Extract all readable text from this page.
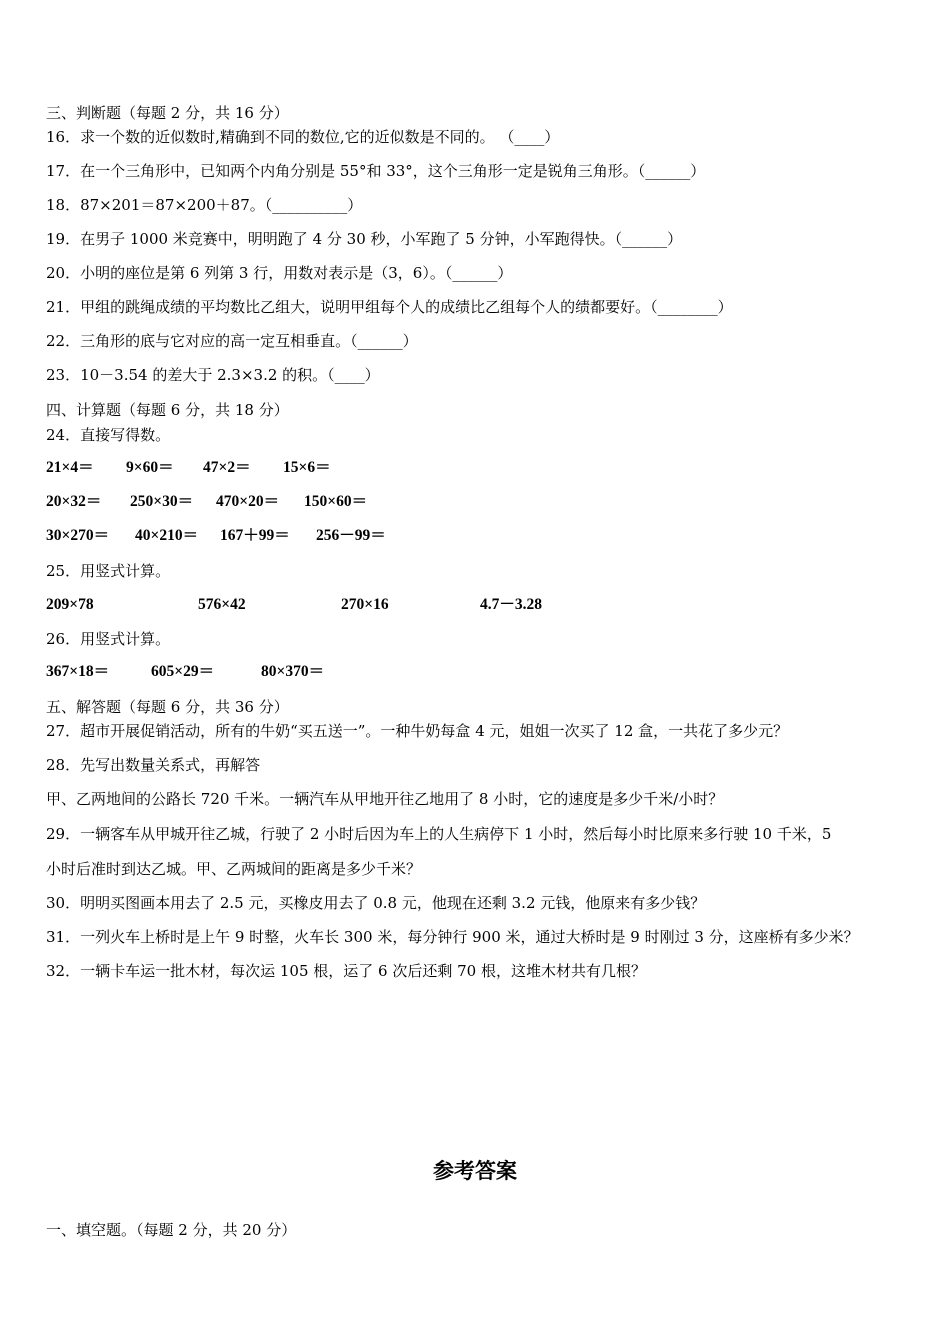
三、判断题（每题 2 分，共 16 分）
16．求一个数的近似数时,精确到不同的数位,它的近似数是不同的。 （____）
17．在一个三角形中，已知两个内角分别是 55°和 33°，这个三角形一定是锐角三角形。（______）
18．87×201＝87×200＋87。（__________）
19．在男子 1000 米竞赛中，明明跑了 4 分 30 秒，小军跑了 5 分钟，小军跑得快。（______）
20．小明的座位是第 6 列第 3 行，用数对表示是（3，6）。（______）
21．甲组的跳绳成绩的平均数比乙组大，说明甲组每个人的成绩比乙组每个人的绩都要好。（________）
22．三角形的底与它对应的高一定互相垂直。（______）
23．10－3.54 的差大于 2.3×3.2 的积。（____）
四、计算题（每题 6 分，共 18 分）
24．直接写得数。
21×4＝ 9×60＝ 47×2＝ 15×6＝
20×32＝ 250×30＝ 470×20＝ 150×60＝
30×270＝ 40×210＝ 167＋99＝ 256－99＝
25．用竖式计算。
209×78	576×42	270×16	4.7－3.28
26．用竖式计算。
367×18＝	605×29＝	80×370＝
五、解答题（每题 6 分，共 36 分）
27．超市开展促销活动，所有的牛奶“买五送一”。一种牛奶每盒 4 元，姐姐一次买了 12 盒，一共花了多少元？
28．先写出数量关系式，再解答
甲、乙两地间的公路长 720 千米。一辆汽车从甲地开往乙地用了 8 小时，它的速度是多少千米/小时？
29．一辆客车从甲城开往乙城，行驶了 2 小时后因为车上的人生病停下 1 小时，然后每小时比原来多行驶 10 千米，5
小时后准时到达乙城。甲、乙两城间的距离是多少千米？
30．明明买图画本用去了 2.5 元，买橡皮用去了 0.8 元，他现在还剩 3.2 元钱，他原来有多少钱？
31．一列火车上桥时是上午 9 时整，火车长 300 米，每分钟行 900 米，通过大桥时是 9 时刚过 3 分，这座桥有多少米？
32．一辆卡车运一批木材，每次运 105 根，运了 6 次后还剩 70 根，这堆木材共有几根？
参考答案
一、填空题。（每题 2 分，共 20 分）
